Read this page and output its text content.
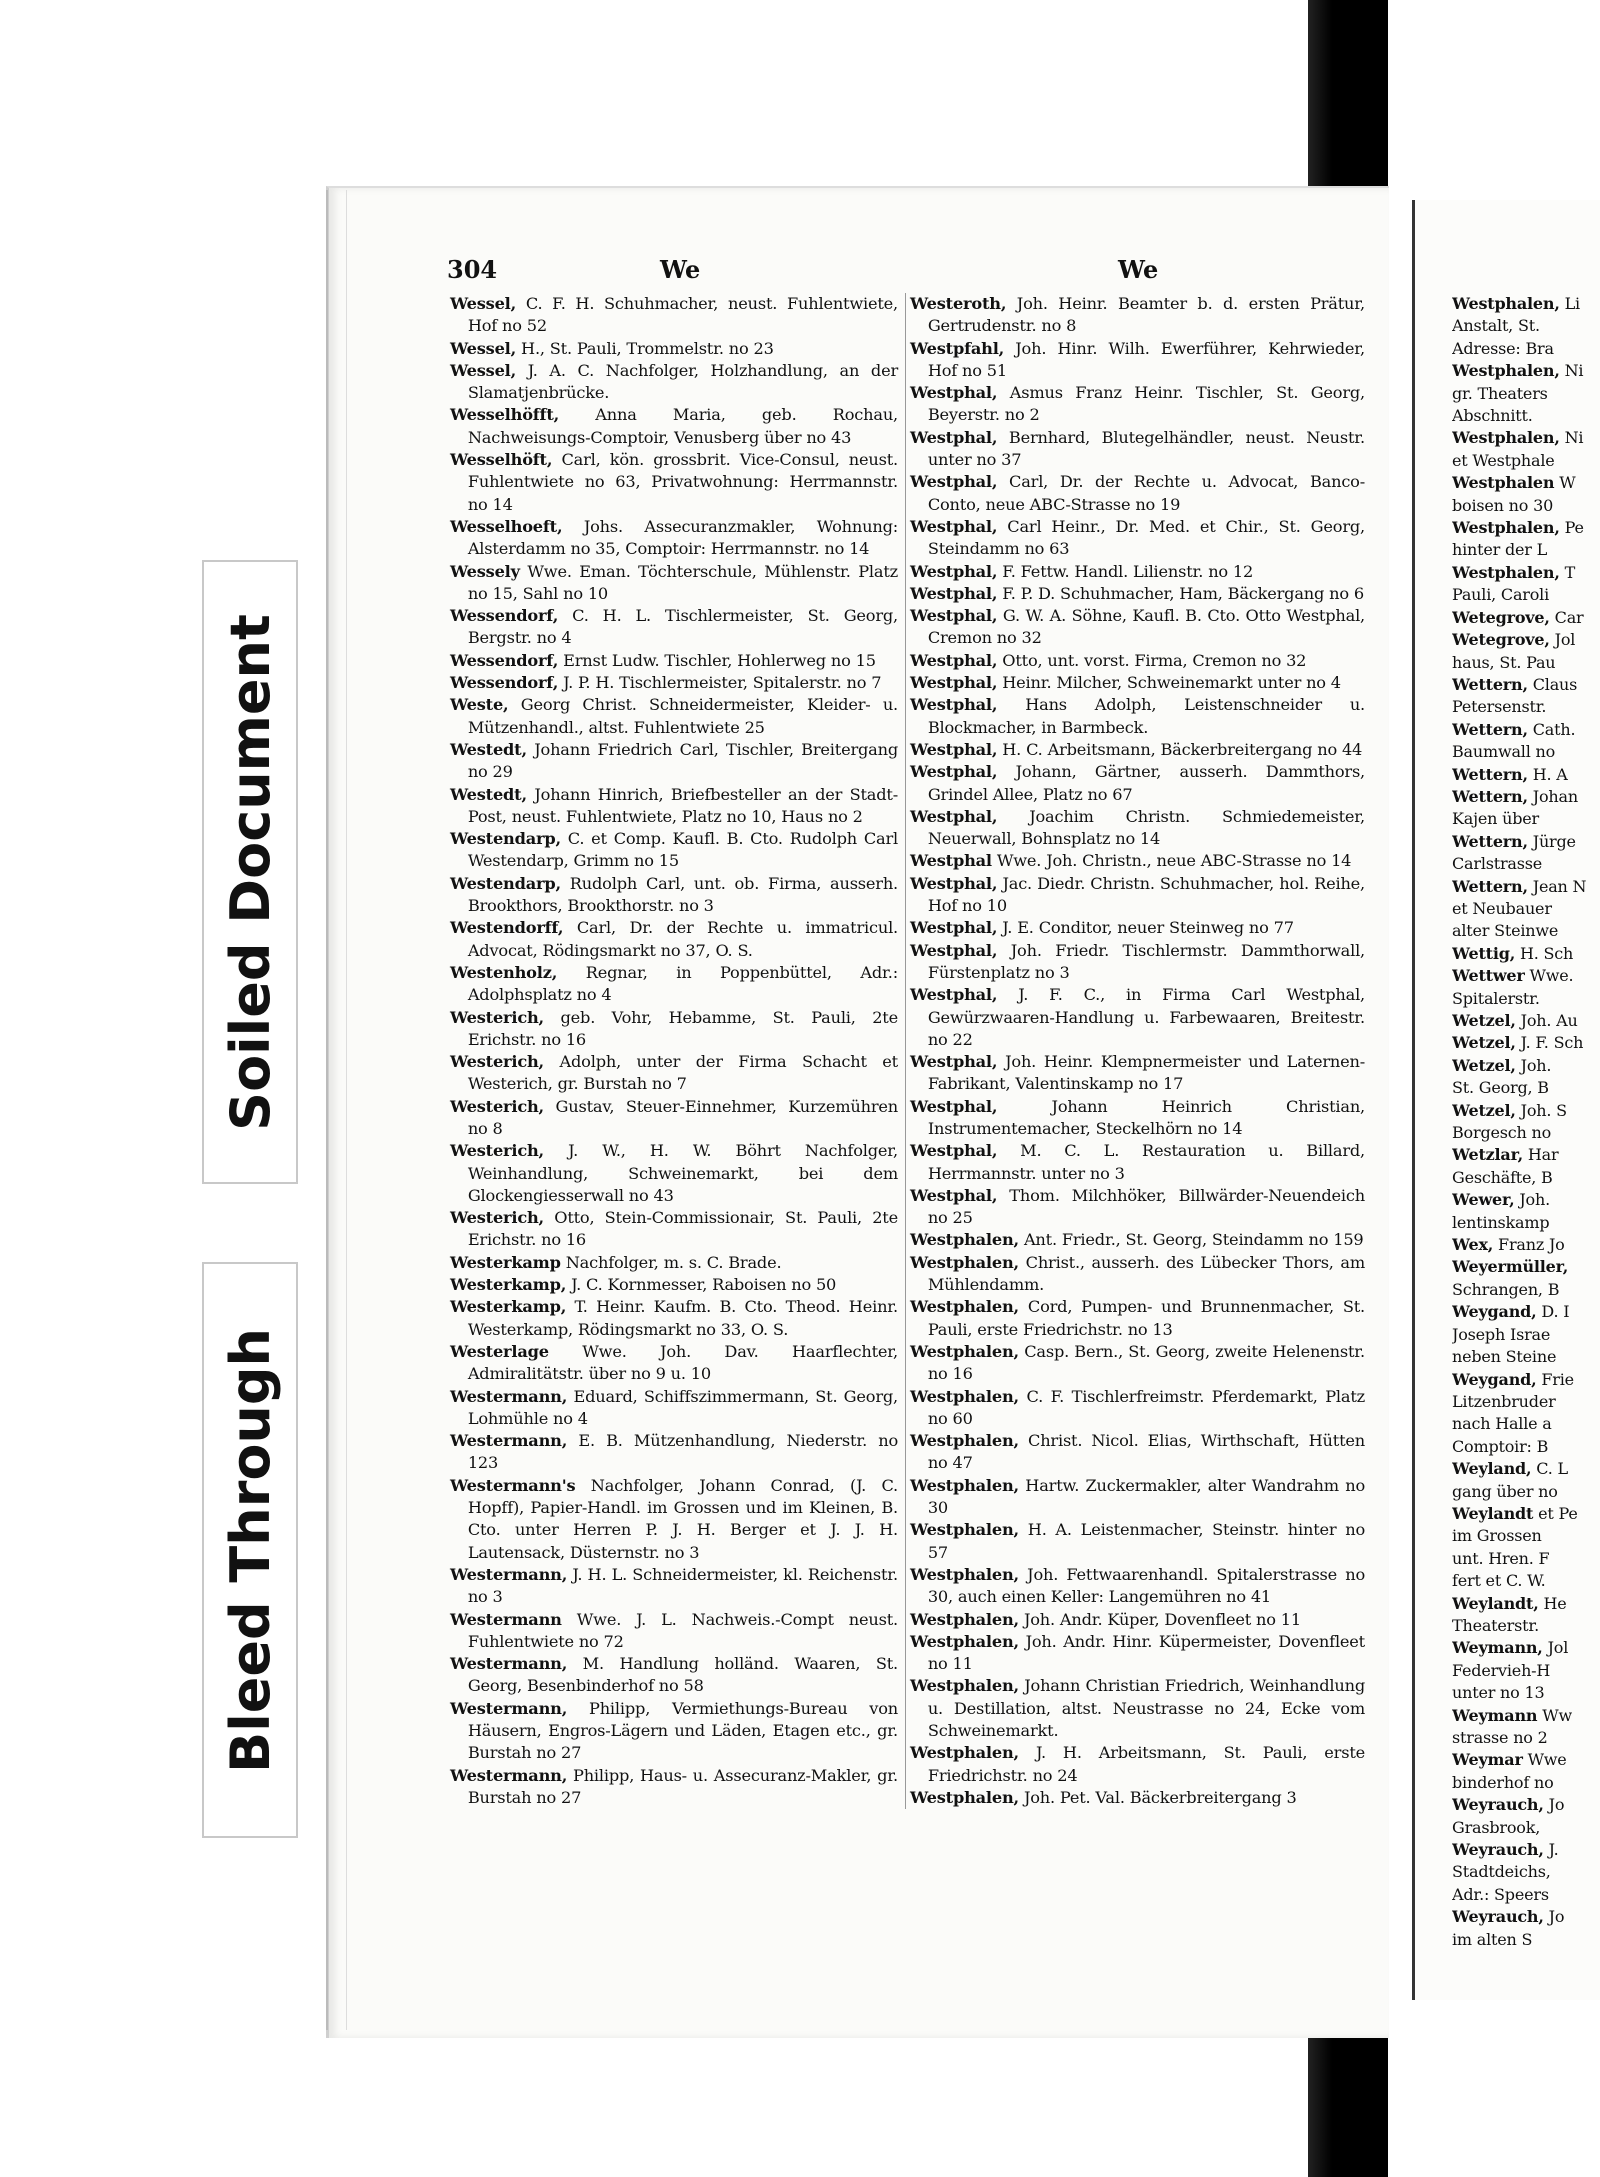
Soiled Document
Bleed Through
304	We	We
Wessel, C. F. H. Schuhmacher, neust. Fuhlentwiete, Hof no 52
Wessel, H., St. Pauli, Trommelstr. no 23
Wessel, J. A. C. Nachfolger, Holzhandlung, an der Slamatjenbrücke.
Wesselhöfft, Anna Maria, geb. Rochau, Nachweisungs-Comptoir, Venusberg über no 43
Wesselhöft, Carl, kön. grossbrit. Vice-Consul, neust. Fuhlentwiete no 63, Privatwohnung: Herrmannstr. no 14
Wesselhoeft, Johs. Assecuranzmakler, Wohnung: Alsterdamm no 35, Comptoir: Herrmannstr. no 14
Wessely Wwe. Eman. Töchterschule, Mühlenstr. Platz no 15, Sahl no 10
Wessendorf, C. H. L. Tischlermeister, St. Georg, Bergstr. no 4
Wessendorf, Ernst Ludw. Tischler, Hohlerweg no 15
Wessendorf, J. P. H. Tischlermeister, Spitalerstr. no 7
Weste, Georg Christ. Schneidermeister, Kleider- u. Mützenhandl., altst. Fuhlentwiete 25
Westedt, Johann Friedrich Carl, Tischler, Breitergang no 29
Westedt, Johann Hinrich, Briefbesteller an der Stadt-Post, neust. Fuhlentwiete, Platz no 10, Haus no 2
Westendarp, C. et Comp. Kaufl. B. Cto. Rudolph Carl Westendarp, Grimm no 15
Westendarp, Rudolph Carl, unt. ob. Firma, ausserh. Brookthors, Brookthorstr. no 3
Westendorff, Carl, Dr. der Rechte u. immatricul. Advocat, Rödingsmarkt no 37, O. S.
Westenholz, Regnar, in Poppenbüttel, Adr.: Adolphsplatz no 4
Westerich, geb. Vohr, Hebamme, St. Pauli, 2te Erichstr. no 16
Westerich, Adolph, unter der Firma Schacht et Westerich, gr. Burstah no 7
Westerich, Gustav, Steuer-Einnehmer, Kurzemühren no 8
Westerich, J. W., H. W. Böhrt Nachfolger, Weinhandlung, Schweinemarkt, bei dem Glockengiesserwall no 43
Westerich, Otto, Stein-Commissionair, St. Pauli, 2te Erichstr. no 16
Westerkamp Nachfolger, m. s. C. Brade.
Westerkamp, J. C. Kornmesser, Raboisen no 50
Westerkamp, T. Heinr. Kaufm. B. Cto. Theod. Heinr. Westerkamp, Rödingsmarkt no 33, O. S.
Westerlage Wwe. Joh. Dav. Haarflechter, Admiralitätstr. über no 9 u. 10
Westermann, Eduard, Schiffszimmermann, St. Georg, Lohmühle no 4
Westermann, E. B. Mützenhandlung, Niederstr. no 123
Westermann's Nachfolger, Johann Conrad, (J. C. Hopff), Papier-Handl. im Grossen und im Kleinen, B. Cto. unter Herren P. J. H. Berger et J. J. H. Lautensack, Düsternstr. no 3
Westermann, J. H. L. Schneidermeister, kl. Reichenstr. no 3
Westermann Wwe. J. L. Nachweis.-Compt neust. Fuhlentwiete no 72
Westermann, M. Handlung holländ. Waaren, St. Georg, Besenbinderhof no 58
Westermann, Philipp, Vermiethungs-Bureau von Häusern, Engros-Lägern und Läden, Etagen etc., gr. Burstah no 27
Westermann, Philipp, Haus- u. Assecuranz-Makler, gr. Burstah no 27
Westeroth, Joh. Heinr. Beamter b. d. ersten Prätur, Gertrudenstr. no 8
Westpfahl, Joh. Hinr. Wilh. Ewerführer, Kehrwieder, Hof no 51
Westphal, Asmus Franz Heinr. Tischler, St. Georg, Beyerstr. no 2
Westphal, Bernhard, Blutegelhändler, neust. Neustr. unter no 37
Westphal, Carl, Dr. der Rechte u. Advocat, Banco-Conto, neue ABC-Strasse no 19
Westphal, Carl Heinr., Dr. Med. et Chir., St. Georg, Steindamm no 63
Westphal, F. Fettw. Handl. Lilienstr. no 12
Westphal, F. P. D. Schuhmacher, Ham, Bäckergang no 6
Westphal, G. W. A. Söhne, Kaufl. B. Cto. Otto Westphal, Cremon no 32
Westphal, Otto, unt. vorst. Firma, Cremon no 32
Westphal, Heinr. Milcher, Schweinemarkt unter no 4
Westphal, Hans Adolph, Leistenschneider u. Blockmacher, in Barmbeck.
Westphal, H. C. Arbeitsmann, Bäckerbreitergang no 44
Westphal, Johann, Gärtner, ausserh. Dammthors, Grindel Allee, Platz no 67
Westphal, Joachim Christn. Schmiedemeister, Neuerwall, Bohnsplatz no 14
Westphal Wwe. Joh. Christn., neue ABC-Strasse no 14
Westphal, Jac. Diedr. Christn. Schuhmacher, hol. Reihe, Hof no 10
Westphal, J. E. Conditor, neuer Steinweg no 77
Westphal, Joh. Friedr. Tischlermstr. Dammthorwall, Fürstenplatz no 3
Westphal, J. F. C., in Firma Carl Westphal, Gewürzwaaren-Handlung u. Farbewaaren, Breitestr. no 22
Westphal, Joh. Heinr. Klempnermeister und Laternen-Fabrikant, Valentinskamp no 17
Westphal,	Johann Heinrich Christian, Instrumentemacher, Steckelhörn no 14
Westphal, M. C. L. Restauration u. Billard, Herrmannstr. unter no 3
Westphal, Thom. Milchhöker, Billwärder-Neuendeich no 25
Westphalen, Ant. Friedr., St. Georg, Steindamm no 159
Westphalen, Christ., ausserh. des Lübecker Thors, am Mühlendamm.
Westphalen, Cord, Pumpen- und Brunnenmacher, St. Pauli, erste Friedrichstr. no 13
Westphalen, Casp. Bern., St. Georg, zweite Helenenstr. no 16
Westphalen, C. F. Tischlerfreimstr. Pferdemarkt, Platz no 60
Westphalen, Christ. Nicol. Elias, Wirthschaft, Hütten no 47
Westphalen, Hartw. Zuckermakler, alter Wandrahm no 30
Westphalen, H. A. Leistenmacher, Steinstr. hinter no 57
Westphalen, Joh. Fettwaarenhandl. Spitalerstrasse no 30, auch einen Keller: Langemühren no 41
Westphalen, Joh. Andr. Küper, Dovenfleet no 11
Westphalen, Joh. Andr. Hinr. Küpermeister, Dovenfleet no 11
Westphalen, Johann Christian Friedrich, Weinhandlung u. Destillation, altst. Neustrasse no 24, Ecke vom Schweinemarkt.
Westphalen, J. H. Arbeitsmann, St. Pauli, erste Friedrichstr. no 24
Westphalen, Joh. Pet. Val. Bäckerbreitergang 3
Westphalen, Li
Anstalt, St.
Adresse: Bra
Westphalen, Ni
gr. Theaters
Abschnitt.
Westphalen, Ni
et Westphale
Westphalen W
boisen no 30
Westphalen, Pe
hinter der L
Westphalen, T
Pauli, Caroli
Wetegrove, Car
Wetegrove, Jol
haus, St. Pau
Wettern, Claus
Petersenstr.
Wettern, Cath.
Baumwall no
Wettern, H. A
Wettern, Johan
Kajen über
Wettern, Jürge
Carlstrasse
Wettern, Jean N
et Neubauer
alter Steinwe
Wettig, H. Sch
Wettwer Wwe.
Spitalerstr.
Wetzel, Joh. Au
Wetzel, J. F. Sch
Wetzel, Joh.
St. Georg, B
Wetzel, Joh. S
Borgesch no
Wetzlar, Har
Geschäfte, B
Wewer, Joh.
lentinskamp
Wex, Franz Jo
Weyermüller,
Schrangen, B
Weygand, D. I
Joseph Israe
neben Steine
Weygand, Frie
Litzenbruder
nach Halle a
Comptoir: B
Weyland, C. L
gang über no
Weylandt et Pe
im Grossen
unt. Hren. F
fert et C. W.
Weylandt, He
Theaterstr.
Weymann, Jol
Federvieh-H
unter no 13
Weymann Ww
strasse no 2
Weymar Wwe
binderhof no
Weyrauch, Jo
Grasbrook,
Weyrauch, J.
Stadtdeichs,
Adr.: Speers
Weyrauch, Jo
im alten S
